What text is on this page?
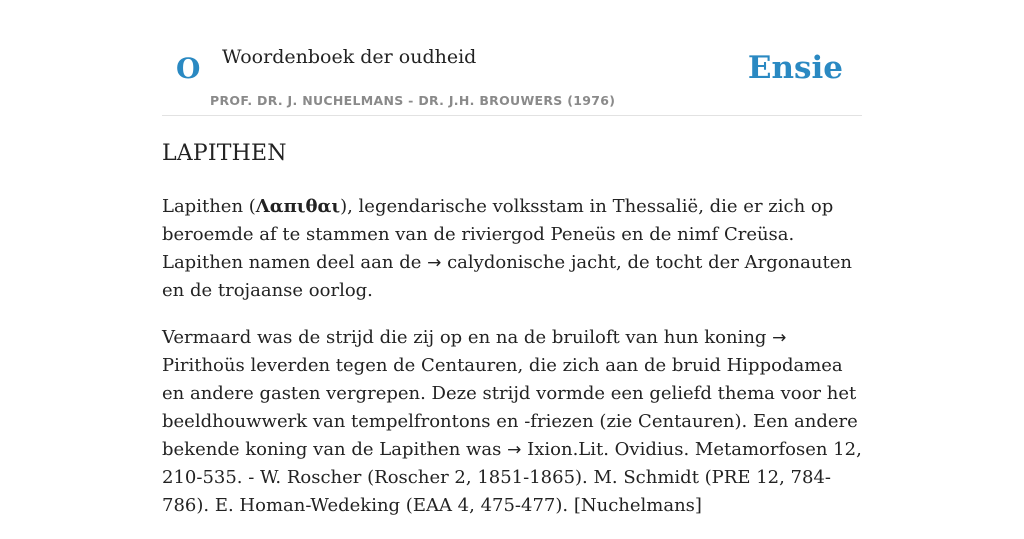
O Woordenboek der oudheid
PROF. DR. J. NUCHELMANS - DR. J.H. BROUWERS (1976)
Ensie
LAPITHEN

Lapithen (Λαπιθαι), legendarische volksstam in Thessalië, die er zich op beroemde af te stammen van de riviergod Peneüs en de nimf Creüsa. Lapithen namen deel aan de → calydonische jacht, de tocht der Argonauten en de trojaanse oorlog.

Vermaard was de strijd die zij op en na de bruiloft van hun koning → Pirithoüs leverden tegen de Centauren, die zich aan de bruid Hippodamea en andere gasten vergrepen. Deze strijd vormde een geliefd thema voor het beeldhouwwerk van tempelfrontons en -friezen (zie Centauren). Een andere bekende koning van de Lapithen was → Ixion.Lit. Ovidius. Metamorfosen 12, 210-535. - W. Roscher (Roscher 2, 1851-1865). M. Schmidt (PRE 12, 784-786). E. Homan-Wedeking (EAA 4, 475-477). [Nuchelmans]
